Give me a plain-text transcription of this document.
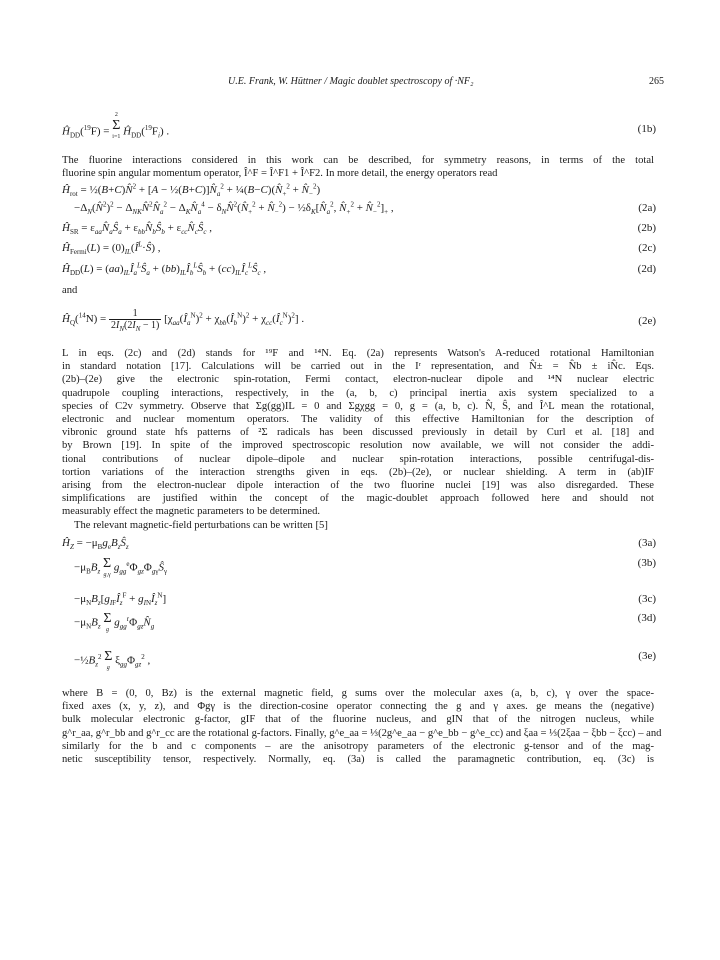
U.E. Frank, W. Hüttner / Magic doublet spectroscopy of ·NF₂	265
$Ĥ_{DD}(^{19}F)$ =
2
Σ
i=1 $Ĥ_{DD}(^{19}F_i)$ .	(1b)
The fluorine interactions considered in this work can be described, for symmetry reasons, in terms of the total
fluorine spin angular momentum operator, Î^F = Î^F1 + Î^F2. In more detail, the energy operators read
$Ĥ_{rot}$ = ½(B+C)N̂$^2$ + $[A - \frac{1}{2}(B+C)]N̂_a^2$ + $\frac{1}{4}(B-C)(N̂_+^2$ + $N̂_-^2$)
$-\Delta_N(N̂^2)^2$ − $\Delta_{NK}N̂^2N̂_a^2$ − $\Delta_KN̂_a^4$ − $\delta_NN̂^2(N̂_+^2$ + $N̂_-^2$) − $\frac{1}{2}\delta_K[N̂_a^2$, $N̂_+^2$ + $N̂_-^2]_+$ ,	(2a)
$Ĥ_{SR}$ = $\varepsilon_{aa}N̂_aŜ_a$ + $\varepsilon_{bb}N̂_bŜ_b$ + $\varepsilon_{cc}N̂_cŜ_c$ ,	(2b)
$Ĥ_{Fermi}(L)$ = $(0)_{IL}(Î^L\cdot Ŝ)$ ,	(2c)
$Ĥ_{DD}(L)$ = $(aa)_{IL}Î_a^LŜ_a$ + $(bb)_{IL}Î_b^LŜ_b$ + $(cc)_{IL}Î_c^LŜ_c$ ,	(2d)
and
$Ĥ_Q(^{14}N) = \frac{1}{2I_N(2I_N - 1)}$ [$\chi_{aa}(Î_a^N)^2$ + $\chi_{bb}(Î_b^N)^2$ + $\chi_{cc}(Î_c^N)^2$] .	(2e)
L in eqs. (2c) and (2d) stands for ¹⁹F and ¹⁴N. Eq. (2a) represents Watson's A-reduced rotational Hamiltonian
in standard notation [17]. Calculations will be carried out in the Iʳ representation, and N̂± = N̂b ± iN̂c. Eqs.
(2b)–(2e) give the electronic spin-rotation, Fermi contact, electron-nuclear dipole and ¹⁴N nuclear electric
quadrupole coupling interactions, respectively, in the (a, b, c) principal inertia axis system specialized to a
species of C2v symmetry. Observe that Σg(gg)IL = 0 and Σgχgg = 0, g = (a, b, c). N̂, Ŝ, and Î^L mean the rotational,
electronic and nuclear momentum operators. The validity of this effective Hamiltonian for the description of
vibronic ground state hfs patterns of ²Σ radicals has been discussed previously in detail by Curl et al. [18] and
by Brown [19]. In spite of the improved spectroscopic resolution now available, we will not consider the addi-
tional contributions of nuclear dipole–dipole and nuclear spin-rotation interactions, possible centrifugal-dis-
tortion variations of the interaction strengths given in eqs. (2b)–(2e), or nuclear shielding. A term in (ab)IF
arising from the electron-nuclear dipole interaction of the two fluorine nuclei [19] was also disregarded. These
simplifications are justified within the concept of the magic-doublet approach followed here and should not
measurably effect the magnetic parameters to be determined.
The relevant magnetic-field perturbations can be written [5]
$Ĥ_Z$ = $-\mu_Bg_eB_zŜ_z$	(3a)
$-\mu_BB_z$
Σ
g,γ
$g_{gg}^e\Phi_{gz}\Phi_{g\gamma}Ŝ_\gamma$
(3b)
$-\mu_NB_z[g_{IF}Î_z^F$ + $g_{IN}Î_z^N$]	(3c)
$-\mu_NB_z$
Σ
g
$g_{gg}^r\Phi_{gz}N̂_g$
(3d)
$-\frac{1}{2}B_z^2$ Σ
g
$\xi_{gg}\Phi_{gz}^2$ ,	(3e)
where B = (0, 0, Bz) is the external magnetic field, g sums over the molecular axes (a, b, c), γ over the space-
fixed axes (x, y, z), and Φgγ is the direction-cosine operator connecting the g and γ axes. ge means the (negative)
bulk molecular electronic g-factor, gIF that of the fluorine nucleus, and gIN that of the nitrogen nucleus, while
g^r_aa, g^r_bb and g^r_cc are the rotational g-factors. Finally, g^e_aa = ⅓(2g^e_aa − g^e_bb − g^e_cc) and ξaa = ⅓(2ξaa − ξbb − ξcc) – and
similarly for the b and c components – are the anisotropy parameters of the electronic g-tensor and of the mag-
netic susceptibility tensor, respectively. Normally, eq. (3a) is called the paramagnetic contribution, eq. (3c) is
